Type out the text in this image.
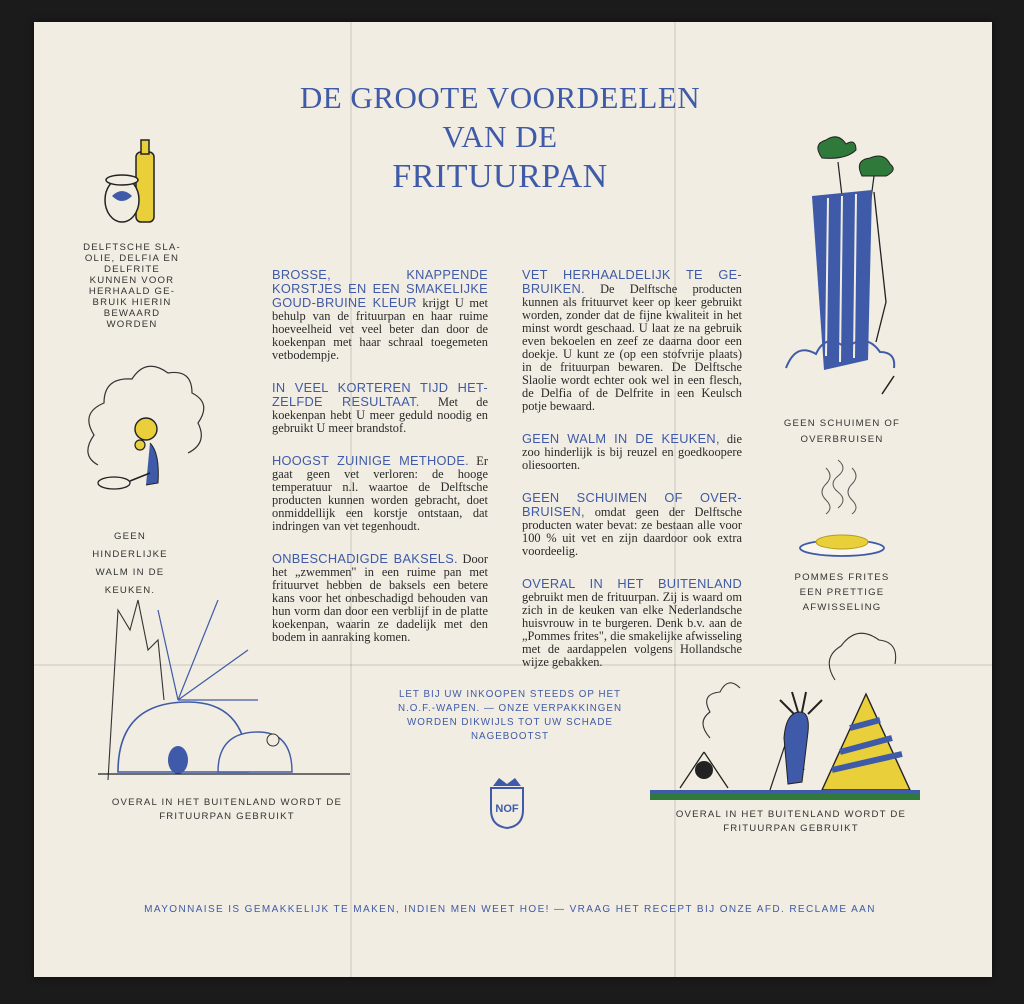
DE GROOTE VOORDEELEN
VAN DE
FRITUURPAN

BROSSE, KNAPPENDE KORSTJES EN EEN SMAKELIJKE GOUD-BRUINE KLEUR krijgt U met behulp van de frituurpan en haar ruime hoeveelheid vet veel beter dan door de koekenpan met haar schraal toegemeten vetbodempje.

IN VEEL KORTEREN TIJD HET-ZELFDE RESULTAAT. Met de koekenpan hebt U meer geduld noodig en gebruikt U meer brandstof.

HOOGST ZUINIGE METHODE. Er gaat geen vet verloren: de hooge temperatuur n.l. waartoe de Delftsche producten kunnen worden gebracht, doet onmiddellijk een korstje ontstaan, dat indringen van vet tegenhoudt.

ONBESCHADIGDE BAKSELS. Door het „zwemmen" in een ruime pan met frituurvet hebben de baksels een betere kans voor het onbeschadigd behouden van hun vorm dan door een verblijf in de platte koekenpan, waarin ze dadelijk met den bodem in aanraking komen.

VET HERHAALDELIJK TE GE-BRUIKEN. De Delftsche producten kunnen als frituurvet keer op keer gebruikt worden, zonder dat de fijne kwaliteit in het minst wordt geschaad. U laat ze na gebruik even bekoelen en zeef ze daarna door een doekje. U kunt ze (op een stofvrije plaats) in de frituurpan bewaren. De Delftsche Slaolie wordt echter ook wel in een flesch, de Delfia of de Delfrite in een Keulsch potje bewaard.

GEEN WALM IN DE KEUKEN, die zoo hinderlijk is bij reuzel en goedkoopere oliesoorten.

GEEN SCHUIMEN OF OVER-BRUISEN, omdat geen der Delftsche producten water bevat: ze bestaan alle voor 100 % uit vet en zijn daardoor ook extra voordeelig.

OVERAL IN HET BUITENLAND gebruikt men de frituurpan. Zij is waard om zich in de keuken van elke Nederlandsche huisvrouw in te burgeren. Denk b.v. aan de „Pommes frites", die smakelijke afwisseling met de aardappelen volgens Hollandsche wijze gebakken.

DELFTSCHE SLA-OLIE, DELFIA EN DELFRITE KUNNEN VOOR HERHAALD GE-BRUIK HIERIN BEWAARD WORDEN
GEEN HINDERLIJKE WALM IN DE KEUKEN.
OVERAL IN HET BUITENLAND WORDT DE FRITUURPAN GEBRUIKT
GEEN SCHUIMEN OF OVERBRUISEN
POMMES FRITES EEN PRETTIGE AFWISSELING
OVERAL IN HET BUITENLAND WORDT DE FRITUURPAN GEBRUIKT
LET BIJ UW INKOOPEN STEEDS OP HET N.O.F.-WAPEN. — ONZE VERPAKKINGEN WORDEN DIKWIJLS TOT UW SCHADE NAGEBOOTST
NOF
MAYONNAISE IS GEMAKKELIJK TE MAKEN, INDIEN MEN WEET HOE! — VRAAG HET RECEPT BIJ ONZE AFD. RECLAME AAN
